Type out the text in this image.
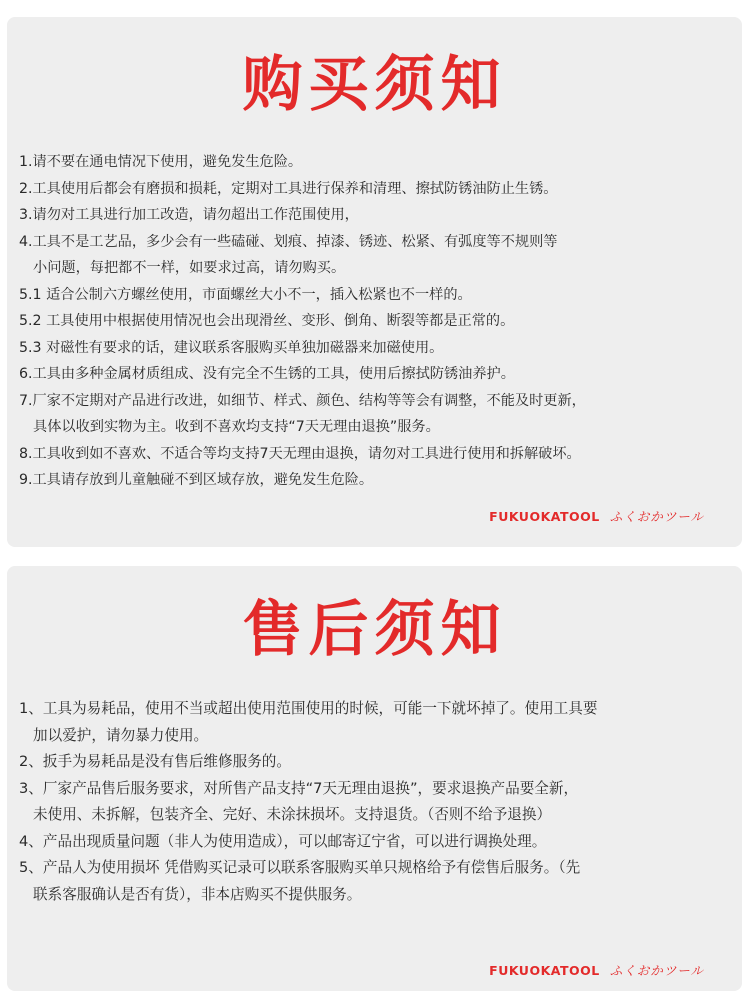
购买须知
1.请不要在通电情况下使用，避免发生危险。
2.工具使用后都会有磨损和损耗，定期对工具进行保养和清理、擦拭防锈油防止生锈。
3.请勿对工具进行加工改造，请勿超出工作范围使用，
4.工具不是工艺品，多少会有一些磕碰、划痕、掉漆、锈迹、松紧、有弧度等不规则等
小问题，每把都不一样，如要求过高，请勿购买。
5.1 适合公制六方螺丝使用，市面螺丝大小不一，插入松紧也不一样的。
5.2 工具使用中根据使用情况也会出现滑丝、变形、倒角、断裂等都是正常的。
5.3 对磁性有要求的话，建议联系客服购买单独加磁器来加磁使用。
6.工具由多种金属材质组成、没有完全不生锈的工具，使用后擦拭防锈油养护。
7.厂家不定期对产品进行改进，如细节、样式、颜色、结构等等会有调整，不能及时更新，
具体以收到实物为主。收到不喜欢均支持“7天无理由退换”服务。
8.工具收到如不喜欢、不适合等均支持7天无理由退换，请勿对工具进行使用和拆解破坏。
9.工具请存放到儿童触碰不到区域存放，避免发生危险。
FUKUOKATOOL ふくおかツール
售后须知
1、工具为易耗品，使用不当或超出使用范围使用的时候，可能一下就坏掉了。使用工具要
加以爱护，请勿暴力使用。
2、扳手为易耗品是没有售后维修服务的。
3、厂家产品售后服务要求，对所售产品支持“7天无理由退换”，要求退换产品要全新，
未使用、未拆解，包装齐全、完好、未涂抹损坏。支持退货。（否则不给予退换）
4、产品出现质量问题（非人为使用造成），可以邮寄辽宁省，可以进行调换处理。
5、产品人为使用损坏 凭借购买记录可以联系客服购买单只规格给予有偿售后服务。（先
联系客服确认是否有货），非本店购买不提供服务。
FUKUOKATOOL ふくおかツール
